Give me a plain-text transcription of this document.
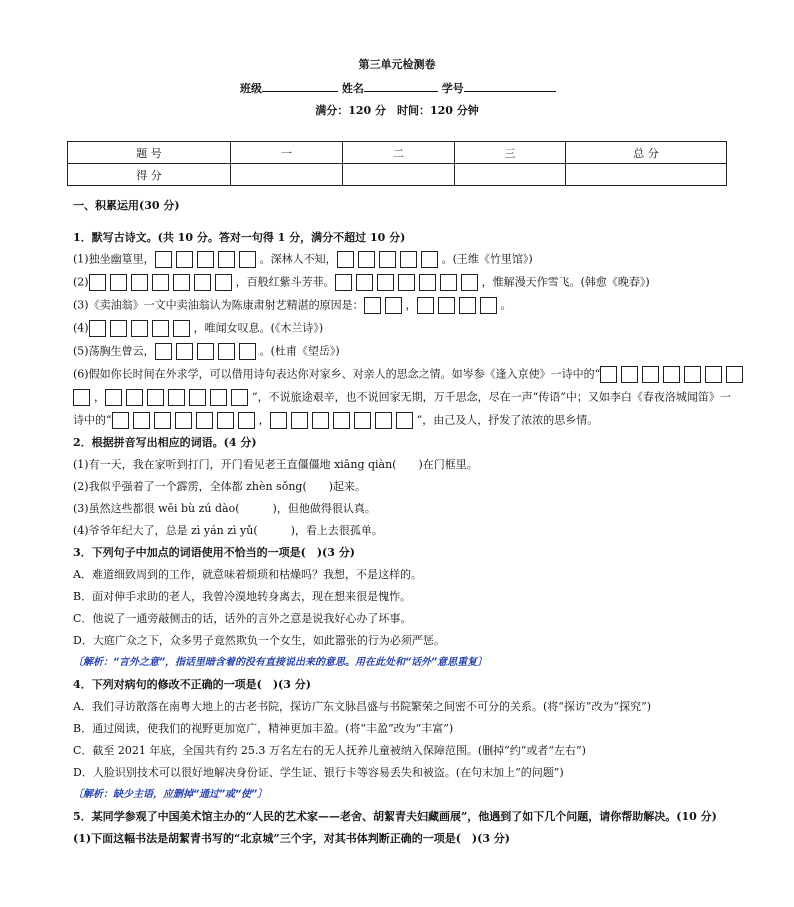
第三单元检测卷
班级	姓名	学号
满分：120 分　时间：120 分钟
题 号	一	二	三	总 分
得 分				
一、积累运用(30 分)
1．默写古诗文。(共 10 分。答对一句得 1 分，满分不超过 10 分)
(1)独坐幽篁里，	。深林人不知，	。(王维《竹里馆》)
(2)	，百般红紫斗芳菲。	，惟解漫天作雪飞。(韩愈《晚春》)
(3)《卖油翁》一文中卖油翁认为陈康肃射艺精湛的原因是：	，	。
(4)	，唯闻女叹息。(《木兰诗》)
(5)荡胸生曾云，	。(杜甫《望岳》)
(6)假如你长时间在外求学，可以借用诗句表达你对家乡、对亲人的思念之情。如岑参《逢入京使》一诗中的“
，	”，不说旅途艰辛，也不说回家无期，万千思念，尽在一声“传语”中；又如李白《春夜洛城闻笛》一
诗中的“	，	”，由己及人，抒发了浓浓的思乡情。
2．根据拼音写出相应的词语。(4 分)
(1)有一天，我在家听到打门，开门看见老王直僵僵地 xiāng qiàn(　　)在门框里。
(2)我似乎强着了一个霹雳，全体都 zhèn sǒng(　　)起来。
(3)虽然这些都很 wēi bù zú dào(　　　)，但他做得很认真。
(4)爷爷年纪大了，总是 zì yán zì yǔ(　　　)，看上去很孤单。
3．下列句子中加点的词语使用不恰当的一项是(　)(3 分)
A．难道细致周到的工作，就意味着烦琐和枯燥吗？我想，不是这样的。
B．面对伸手求助的老人，我曾冷漠地转身离去，现在想来很是愧怍。
C．他说了一通旁敲侧击的话，话外的言外之意是说我好心办了坏事。
D．大庭广众之下，众多男子竟然欺负一个女生，如此嚣张的行为必须严惩。
〔解析：“言外之意”，指话里暗含着的没有直接说出来的意思。用在此处和“话外”意思重复〕
4．下列对病句的修改不正确的一项是(　)(3 分)
A．我们寻访散落在南粤大地上的古老书院，探访广东文脉昌盛与书院繁荣之间密不可分的关系。(将“探访”改为“探究”)
B．通过阅读，使我们的视野更加宽广，精神更加丰盈。(将“丰盈”改为“丰富”)
C．截至 2021 年底，全国共有约 25.3 万名左右的无人抚养儿童被纳入保障范围。(删掉“约”或者“左右”)
D．人脸识别技术可以很好地解决身份证、学生证、银行卡等容易丢失和被盗。(在句末加上“的问题”)
〔解析：缺少主语，应删掉“通过”或“使”〕
5．某同学参观了中国美术馆主办的“人民的艺术家——老舍、胡絜青夫妇藏画展”，他遇到了如下几个问题，请你帮助解决。(10 分)
(1)下面这幅书法是胡絜青书写的“北京城”三个字，对其书体判断正确的一项是(　)(3 分)
